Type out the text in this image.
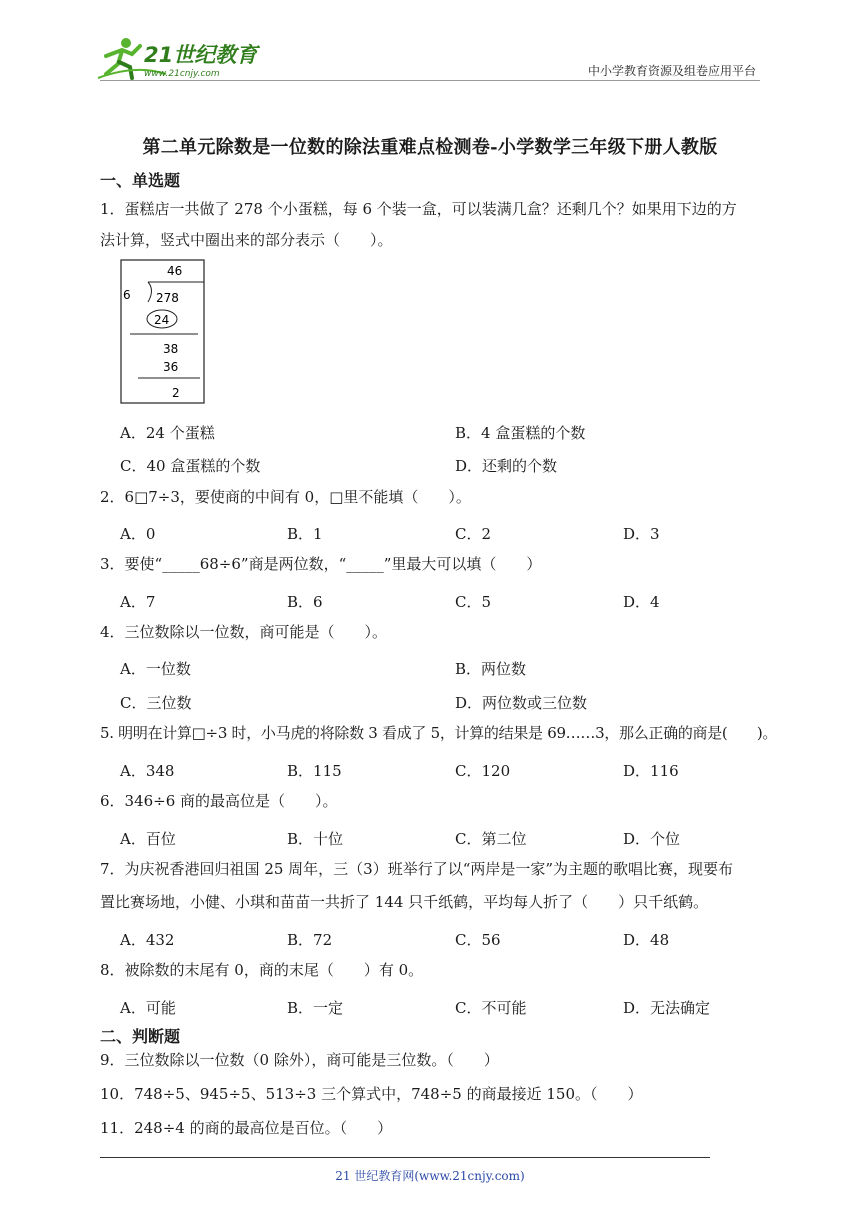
21世纪教育
www.21cnjy.com	中小学教育资源及组卷应用平台
第二单元除数是一位数的除法重难点检测卷-小学数学三年级下册人教版
一、单选题
1．蛋糕店一共做了 278 个小蛋糕，每 6 个装一盒，可以装满几盒？还剩几个？如果用下边的方
法计算，竖式中圈出来的部分表示（　　）。
46
6 278
24
38
36
2
A．24 个蛋糕	B．4 盒蛋糕的个数
C．40 盒蛋糕的个数	D．还剩的个数
2．6□7÷3，要使商的中间有 0，□里不能填（　　）。
A．0	B．1	C．2	D．3
3．要使“_____68÷6”商是两位数，“_____”里最大可以填（　　）
A．7	B．6	C．5	D．4
4．三位数除以一位数，商可能是（　　）。
A．一位数	B．两位数
C．三位数	D．两位数或三位数
5. 明明在计算□÷3 时，小马虎的将除数 3 看成了 5，计算的结果是 69……3，那么正确的商是(　　)。
A．348	B．115	C．120	D．116
6．346÷6 商的最高位是（　　）。
A．百位	B．十位	C．第二位	D．个位
7．为庆祝香港回归祖国 25 周年，三（3）班举行了以“两岸是一家”为主题的歌唱比赛，现要布
置比赛场地，小健、小琪和苗苗一共折了 144 只千纸鹤，平均每人折了（　　）只千纸鹤。
A．432	B．72	C．56	D．48
8．被除数的末尾有 0，商的末尾（　　）有 0。
A．可能	B．一定	C．不可能	D．无法确定
二、判断题
9．三位数除以一位数（0 除外），商可能是三位数。（　　）
10．748÷5、945÷5、513÷3 三个算式中，748÷5 的商最接近 150。（　　）
11．248÷4 的商的最高位是百位。（　　）
21 世纪教育网(www.21cnjy.com)
